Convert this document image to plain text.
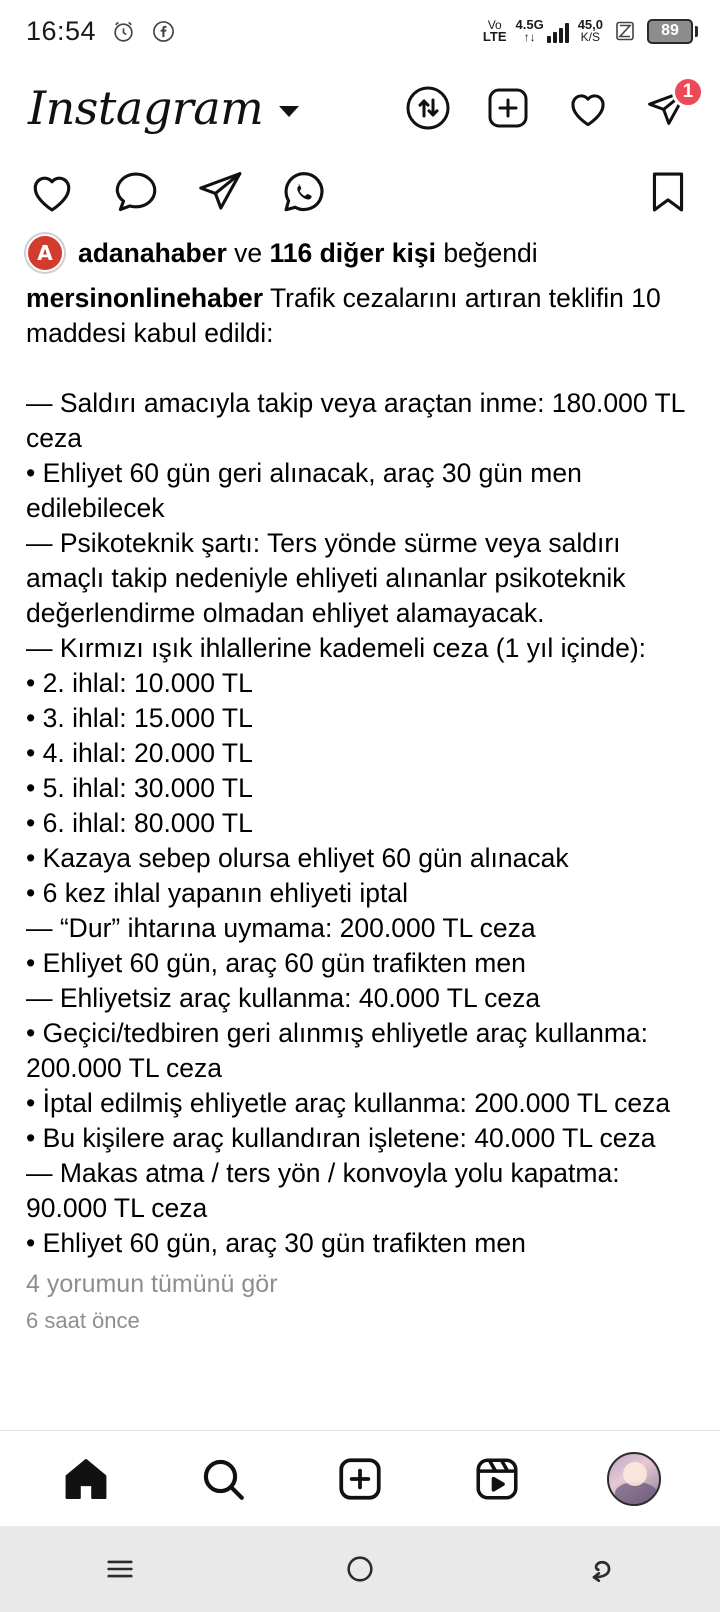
16:54	Vo
LTE
4.5G
↑↓
45,0
K/S	89
Instagram	1
A adanahaber ve 116 diğer kişi beğendi

mersinonlinehaber Trafik cezalarını artıran teklifin 10 maddesi kabul edildi:

— Saldırı amacıyla takip veya araçtan inme: 180.000 TL ceza

• Ehliyet 60 gün geri alınacak, araç 30 gün men edilebilecek

— Psikoteknik şartı: Ters yönde sürme veya saldırı amaçlı takip nedeniyle ehliyeti alınanlar psikoteknik değerlendirme olmadan ehliyet alamayacak.

— Kırmızı ışık ihlallerine kademeli ceza (1 yıl içinde):

• 2. ihlal: 10.000 TL

• 3. ihlal: 15.000 TL

• 4. ihlal: 20.000 TL

• 5. ihlal: 30.000 TL

• 6. ihlal: 80.000 TL

• Kazaya sebep olursa ehliyet 60 gün alınacak

• 6 kez ihlal yapanın ehliyeti iptal

— “Dur” ihtarına uymama: 200.000 TL ceza

• Ehliyet 60 gün, araç 60 gün trafikten men

— Ehliyetsiz araç kullanma: 40.000 TL ceza

• Geçici/tedbiren geri alınmış ehliyetle araç kullanma: 200.000 TL ceza

• İptal edilmiş ehliyetle araç kullanma: 200.000 TL ceza

• Bu kişilere araç kullandıran işletene: 40.000 TL ceza

— Makas atma / ters yön / konvoyla yolu kapatma: 90.000 TL ceza

• Ehliyet 60 gün, araç 30 gün trafikten men

4 yorumun tümünü gör
6 saat önce
